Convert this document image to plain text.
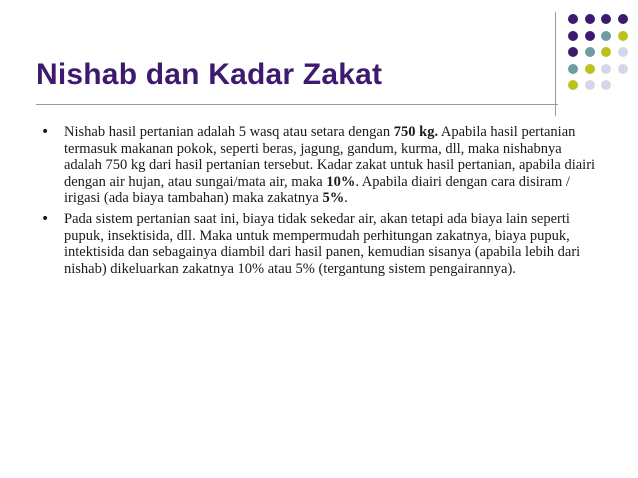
Nishab dan Kadar Zakat
• Nishab hasil pertanian adalah 5 wasq atau setara dengan 750 kg. Apabila hasil pertanian termasuk makanan pokok, seperti beras, jagung, gandum, kurma, dll, maka nishabnya adalah 750 kg dari hasil pertanian tersebut. Kadar zakat untuk hasil pertanian, apabila diairi dengan air hujan, atau sungai/mata air, maka 10%. Apabila diairi dengan cara disiram / irigasi (ada biaya tambahan) maka zakatnya 5%.
• Pada sistem pertanian saat ini, biaya tidak sekedar air, akan tetapi ada biaya lain seperti pupuk, insektisida, dll. Maka untuk mempermudah perhitungan zakatnya, biaya pupuk, intektisida dan sebagainya diambil dari hasil panen, kemudian sisanya (apabila lebih dari nishab) dikeluarkan zakatnya 10% atau 5% (tergantung sistem pengairannya).
